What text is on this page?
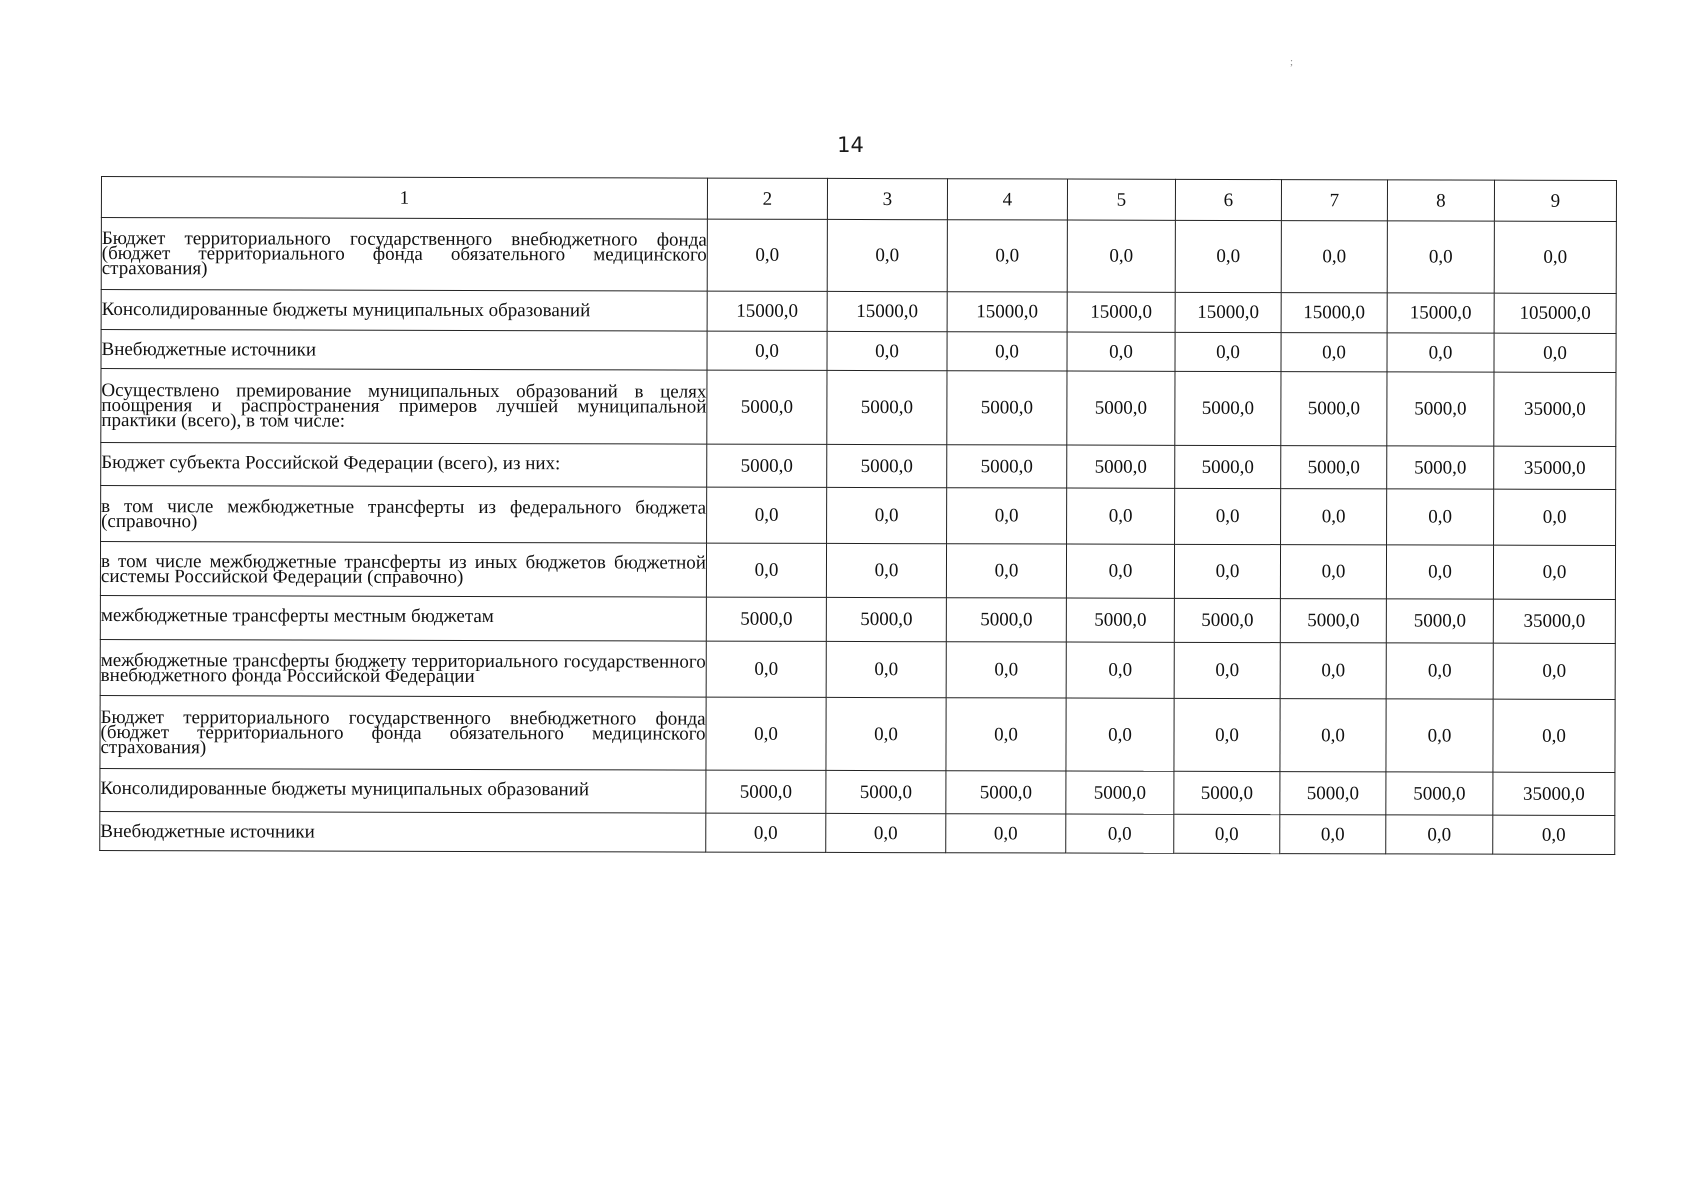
;
14
1	2	3	4	5	6	7	8	9
Бюджет территориального государственного внебюджетного фонда (бюджет территориального фонда обязательного медицинского страхования)	0,0	0,0	0,0	0,0	0,0	0,0	0,0	0,0
Консолидированные бюджеты муниципальных образований	15000,0	15000,0	15000,0	15000,0	15000,0	15000,0	15000,0	105000,0
Внебюджетные источники	0,0	0,0	0,0	0,0	0,0	0,0	0,0	0,0
Осуществлено премирование муниципальных образований в целях поощрения и распространения примеров лучшей муниципальной практики (всего), в том числе:	5000,0	5000,0	5000,0	5000,0	5000,0	5000,0	5000,0	35000,0
Бюджет субъекта Российской Федерации (всего), из них:	5000,0	5000,0	5000,0	5000,0	5000,0	5000,0	5000,0	35000,0
в том числе межбюджетные трансферты из федерального бюджета (справочно)	0,0	0,0	0,0	0,0	0,0	0,0	0,0	0,0
в том числе межбюджетные трансферты из иных бюджетов бюджетной системы Российской Федерации (справочно)	0,0	0,0	0,0	0,0	0,0	0,0	0,0	0,0
межбюджетные трансферты местным бюджетам	5000,0	5000,0	5000,0	5000,0	5000,0	5000,0	5000,0	35000,0
межбюджетные трансферты бюджету территориального государственного внебюджетного фонда Российской Федерации	0,0	0,0	0,0	0,0	0,0	0,0	0,0	0,0
Бюджет территориального государственного внебюджетного фонда (бюджет территориального фонда обязательного медицинского страхования)	0,0	0,0	0,0	0,0	0,0	0,0	0,0	0,0
Консолидированные бюджеты муниципальных образований	5000,0	5000,0	5000,0	5000,0	5000,0	5000,0	5000,0	35000,0
Внебюджетные источники	0,0	0,0	0,0	0,0	0,0	0,0	0,0	0,0
